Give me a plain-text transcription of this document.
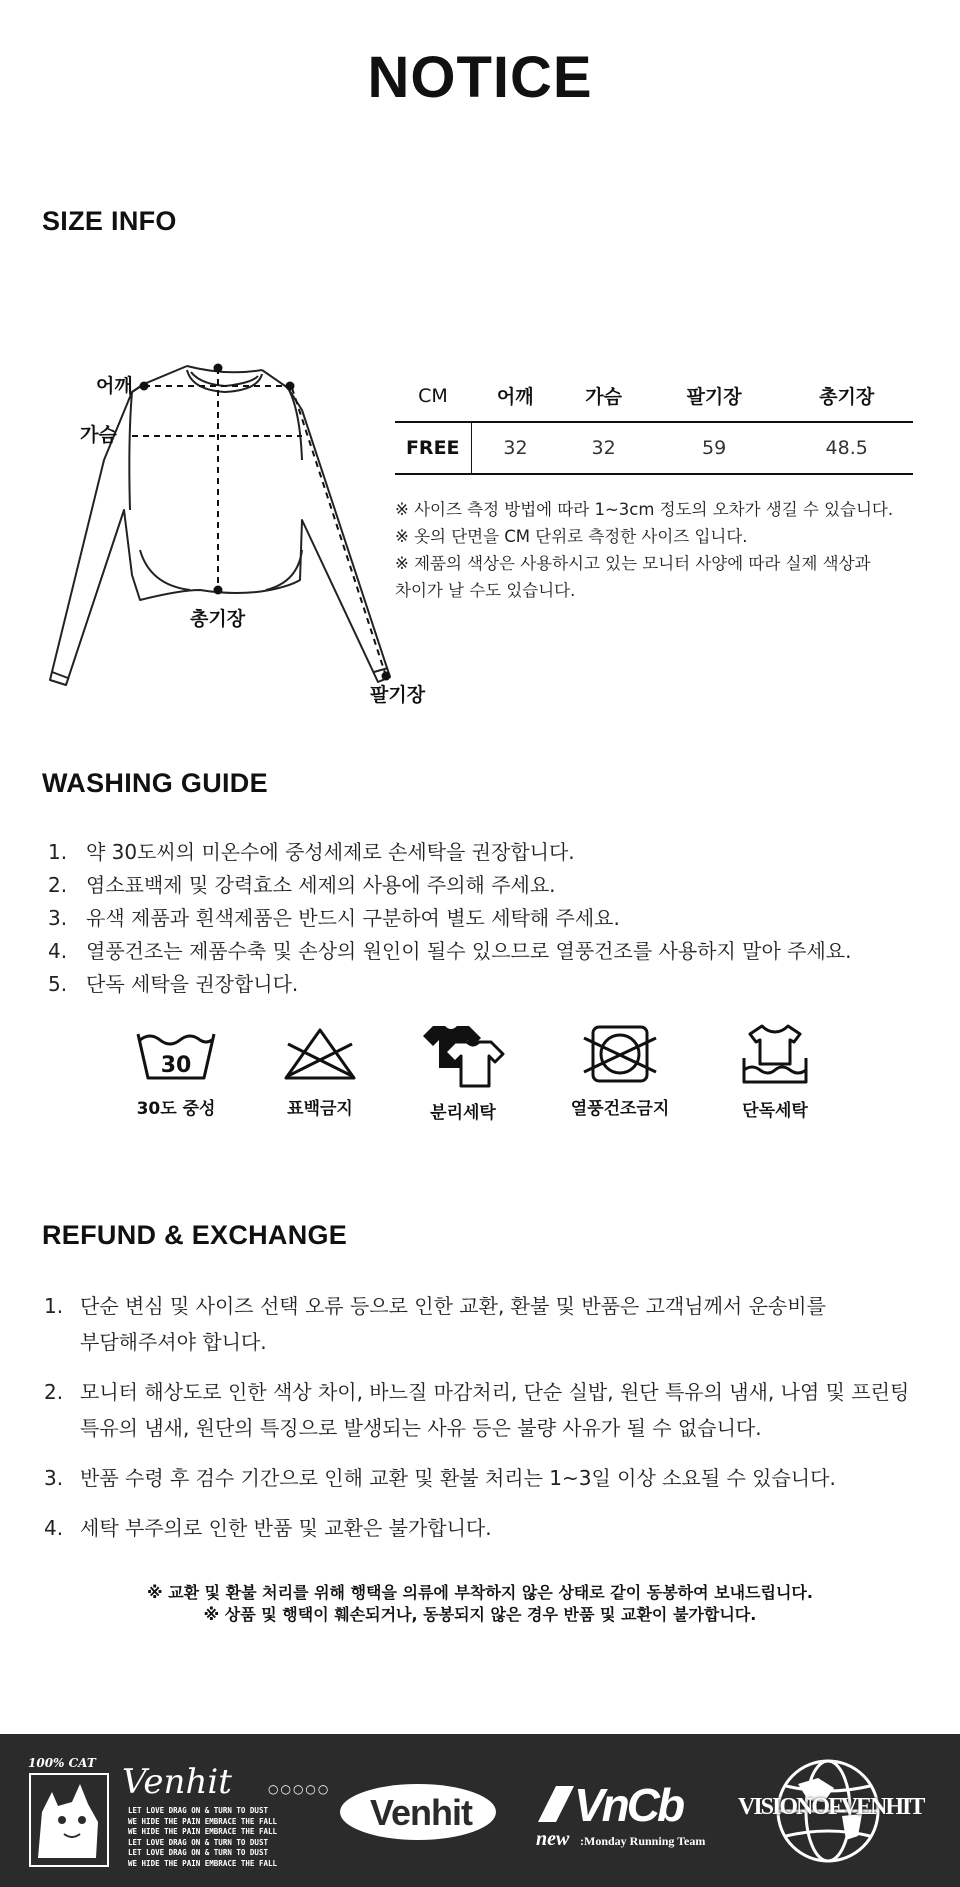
NOTICE
SIZE INFO
어깨
가슴
총기장
팔기장
CM	어깨	가슴	팔기장	총기장
FREE	32	32	59	48.5
※ 사이즈 측정 방법에 따라 1~3cm 정도의 오차가 생길 수 있습니다.
※ 옷의 단면을 CM 단위로 측정한 사이즈 입니다.
※ 제품의 색상은 사용하시고 있는 모니터 사양에 따라 실제 색상과
차이가 날 수도 있습니다.
WASHING GUIDE
1. 약 30도씨의 미온수에 중성세제로 손세탁을 권장합니다.
2. 염소표백제 및 강력효소 세제의 사용에 주의해 주세요.
3. 유색 제품과 흰색제품은 반드시 구분하여 별도 세탁해 주세요.
4. 열풍건조는 제품수축 및 손상의 원인이 될수 있으므로 열풍건조를 사용하지 말아 주세요.
5. 단독 세탁을 권장합니다.
30
30도 중성	표백금지	분리세탁	열풍건조금지	단독세탁
REFUND & EXCHANGE
1. 단순 변심 및 사이즈 선택 오류 등으로 인한 교환, 환불 및 반품은 고객님께서 운송비를
부담해주셔야 합니다.
2. 모니터 해상도로 인한 색상 차이, 바느질 마감처리, 단순 실밥, 원단 특유의 냄새, 나염 및 프린팅
특유의 냄새, 원단의 특징으로 발생되는 사유 등은 불량 사유가 될 수 없습니다.
3. 반품 수령 후 검수 기간으로 인해 교환 및 환불 처리는 1~3일 이상 소요될 수 있습니다.
4. 세탁 부주의로 인한 반품 및 교환은 불가합니다.
※ 교환 및 환불 처리를 위해 행택을 의류에 부착하지 않은 상태로 같이 동봉하여 보내드립니다.
※ 상품 및 행택이 훼손되거나, 동봉되지 않은 경우 반품 및 교환이 불가합니다.
100% CAT Venhit	○○○○○
LET LOVE DRAG ON & TURN TO DUST
WE HIDE THE PAIN EMBRACE THE FALL
WE HIDE THE PAIN EMBRACE THE FALL
LET LOVE DRAG ON & TURN TO DUST
LET LOVE DRAG ON & TURN TO DUST
WE HIDE THE PAIN EMBRACE THE FALL
Venhit	VnCb
new :Monday Running Team
VISIONOFVENHIT
